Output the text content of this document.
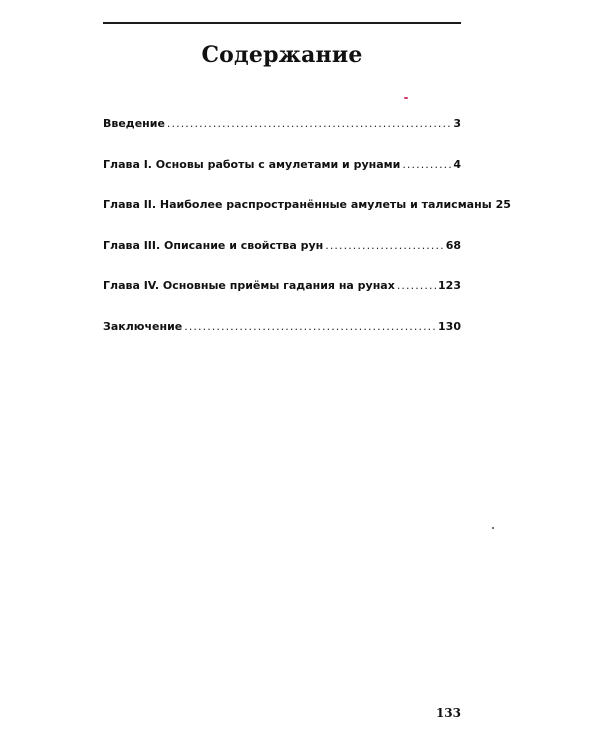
Содержание
Введение . . .	3
Глава I. Основы работы с амулетами и рунами . . .	4
Глава II. Наиболее распространённые амулеты и талисманы 25
Глава III. Описание и свойства рун . . .	68
Глава IV. Основные приёмы гадания на рунах . . .	123
Заключение . . .	130
133
